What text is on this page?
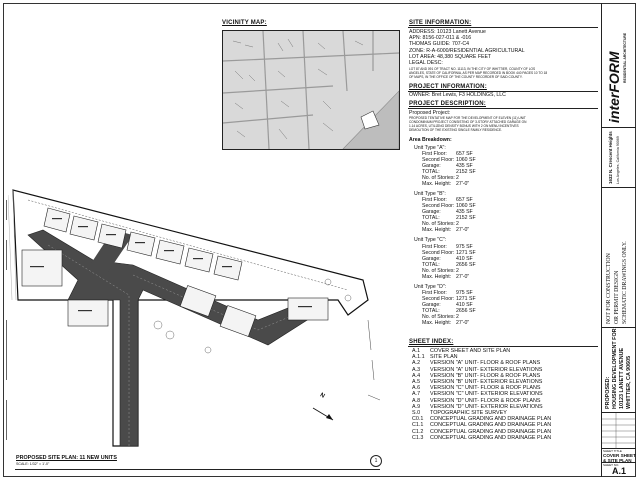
VICINITY MAP:	SITE INFORMATION:
ADDRESS: 10123 Lanett Avenue
APN: 8156-027-011 & -016
THOMAS GUIDE: 707-C4
ZONE: R-A-6000/RESIDENTIAL AGRICULTURAL
LOT AREA: 48,380 SQUARE FEET
LEGAL DESC:
LOT 87 AND 091 OF TRACT NO. 11113, IN THE CITY OF WHITTIER, COUNTY OF LOS
ANGELES, STATE OF CALIFORNIA, AS PER MAP RECORDED IN BOOK 440 PAGES 10 TO 18
OF MAPS, IN THE OFFICE OF THE COUNTY RECORDER OF SAID COUNTY.
PROJECT INFORMATION:
OWNER: Bret Lewis, F3 HOLDINGS, LLC
PROJECT DESCRIPTION:
Proposed Project:
PROPOSED TENTATIVE MAP FOR THE DEVELOPMENT OF ELEVEN (11) UNIT
CONDOMINIUM PROJECT CONSISTING OF 3-STORY ATTACHED GARAGE ON
1.14 ACRES, UTILIZING DENSITY BONUS WITH 2 ON MENU INCENTIVES
DEMOLITION OF THE EXISTING SINGLE FAMILY RESIDENCE.
Area Breakdown:
Unit Type "A":
First Floor:	657 SF
Second Floor: 1060 SF
Garage:	435 SF
TOTAL:	2152 SF
No. of Stories: 2
Max. Height: 27'-0"
Unit Type "B":
First Floor:	657 SF
Second Floor: 1060 SF
Garage:	435 SF
TOTAL:	2152 SF
No. of Stories: 2
Max. Height: 27'-0"
Unit Type "C":
First Floor:	975 SF
Second Floor: 1271 SF
Garage:	410 SF
TOTAL:	2656 SF
No. of Stories: 2
Max. Height: 27'-0"
Unit Type "D":
First Floor:	975 SF
Second Floor: 1271 SF
Garage:	410 SF
TOTAL:	2656 SF
No. of Stories: 2
Max. Height: 27'-0"
SHEET INDEX:
A.1	COVER SHEET AND SITE PLAN
A.1.1	SITE PLAN
A.2	VERSION "A" UNIT- FLOOR & ROOF PLANS
A.3	VERSION "A" UNIT- EXTERIOR ELEVATIONS
A.4	VERSION "B" UNIT- FLOOR & ROOF PLANS
A.5	VERSION "B" UNIT- EXTERIOR ELEVATIONS
A.6	VERSION "C" UNIT- FLOOR & ROOF PLANS
A.7	VERSION "C" UNIT- EXTERIOR ELEVATIONS
A.8	VERSION "D" UNIT- FLOOR & ROOF PLANS
A.9	VERSION "D" UNIT- EXTERIOR ELEVATIONS
S.0	TOPOGRAPHIC SITE SURVEY
C0.1	CONCEPTUAL GRADING AND DRAINAGE PLAN
C1.1	CONCEPTUAL GRADING AND DRAINAGE PLAN
C1.2	CONCEPTUAL GRADING AND DRAINAGE PLAN
C1.3	CONCEPTUAL GRADING AND DRAINAGE PLAN
N
PROPOSED SITE PLAN: 11 NEW UNITS
SCALE: 1/32" = 1'-0"	1
interFORM RESIDENTIAL ARCHITECTURE
1632 N. Crescent Heights Los Angeles, California 90069
NOT FOR CONSTRUCTION OR PERMIT DESIGN SCHEMATIC DRAWINGS ONLY.
PROPOSED: HOUSING DEVELOPMENT FOR: 10123 LANETT AVENUE WHITTIER, CA 90605
SHEET TITLE
COVER SHEET
& SITE PLAN
SHEET NO.
A.1
